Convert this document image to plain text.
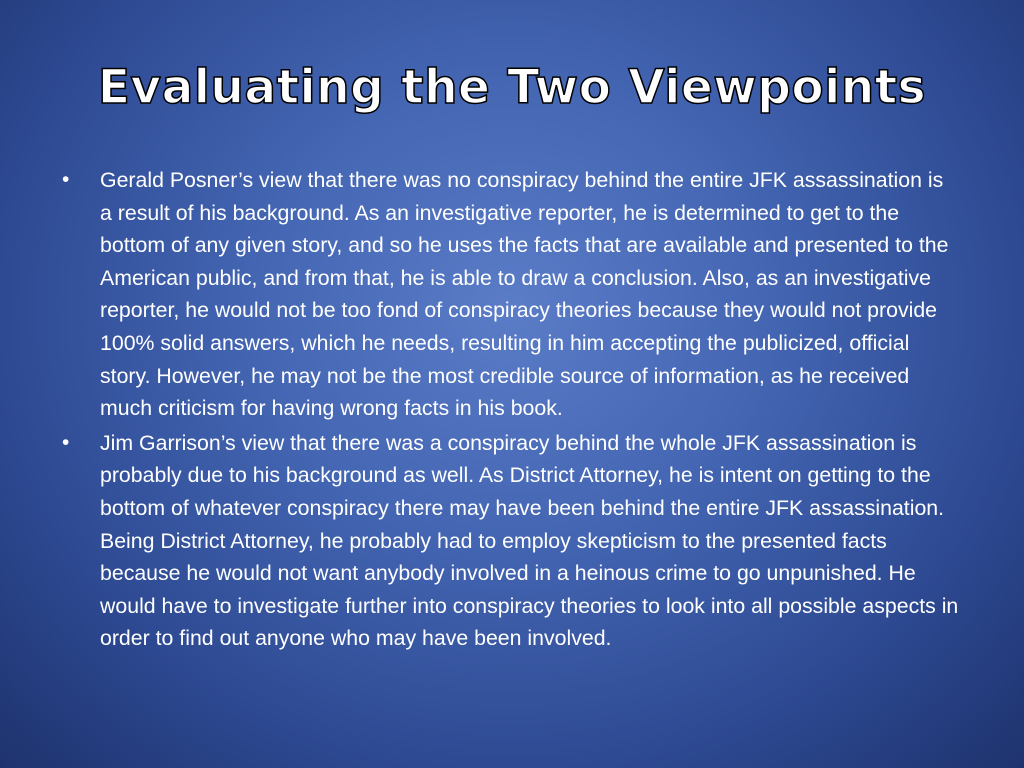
Evaluating the Two Viewpoints
• Gerald Posner’s view that there was no conspiracy behind the entire JFK assassination is a result of his background. As an investigative reporter, he is determined to get to the bottom of any given story, and so he uses the facts that are available and presented to the American public, and from that, he is able to draw a conclusion. Also, as an investigative reporter, he would not be too fond of conspiracy theories because they would not provide 100% solid answers, which he needs, resulting in him accepting the publicized, official story. However, he may not be the most credible source of information, as he received much criticism for having wrong facts in his book.
• Jim Garrison’s view that there was a conspiracy behind the whole JFK assassination is probably due to his background as well. As District Attorney, he is intent on getting to the bottom of whatever conspiracy there may have been behind the entire JFK assassination. Being District Attorney, he probably had to employ skepticism to the presented facts because he would not want anybody involved in a heinous crime to go unpunished. He would have to investigate further into conspiracy theories to look into all possible aspects in order to find out anyone who may have been involved.
